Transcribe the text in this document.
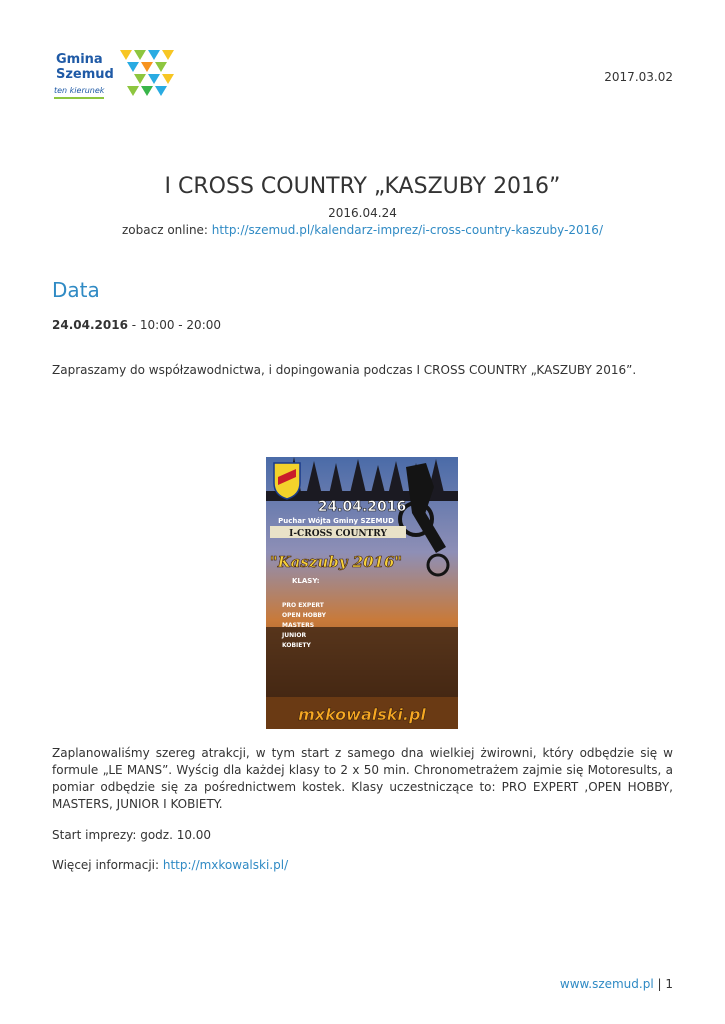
Gmina
Szemud
ten kierunek
2017.03.02
I CROSS COUNTRY „KASZUBY 2016”
2016.04.24
zobacz online: http://szemud.pl/kalendarz-imprez/i-cross-country-kaszuby-2016/
Data
24.04.2016 - 10:00 - 20:00
Zapraszamy do współzawodnictwa, i dopingowania podczas I CROSS COUNTRY „KASZUBY 2016”.
24.04.2016
Puchar Wójta Gminy SZEMUD
I-CROSS COUNTRY
"Kaszuby 2016"
KLASY:
PRO EXPERT
OPEN HOBBY
MASTERS
JUNIOR
KOBIETY
mxkowalski.pl
Zaplanowaliśmy szereg atrakcji, w tym start z samego dna wielkiej żwirowni, który odbędzie się w formule „LE MANS”. Wyścig dla każdej klasy to 2 x 50 min. Chronometrażem zajmie się Motoresults, a pomiar odbędzie się za pośrednictwem kostek. Klasy uczestniczące to: PRO EXPERT ,OPEN HOBBY, MASTERS, JUNIOR I KOBIETY.
Start imprezy: godz. 10.00
Więcej informacji: http://mxkowalski.pl/
www.szemud.pl | 1
